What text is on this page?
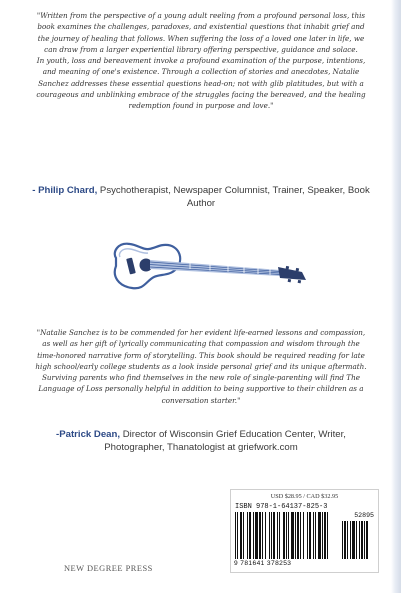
"Written from the perspective of a young adult reeling from a profound personal loss, this book examines the challenges, paradoxes, and existential questions that inhabit grief and the journey of healing that follows. When suffering the loss of a loved one later in life, we can draw from a larger experiential library offering perspective, guidance and solace.

In youth, loss and bereavement invoke a profound examination of the purpose, intentions, and meaning of one's existence. Through a collection of stories and anecdotes, Natalie Sanchez addresses these essential questions head-on; not with glib platitudes, but with a courageous and unblinking embrace of the struggles facing the bereaved, and the healing redemption found in purpose and love."

- Philip Chard, Psychotherapist, Newspaper Columnist, Trainer, Speaker, Book Author

"Natalie Sanchez is to be commended for her evident life-earned lessons and compassion, as well as her gift of lyrically communicating that compassion and wisdom through the time-honored narrative form of storytelling. This book should be required reading for late high school/early college students as a look inside personal grief and its unique aftermath. Surviving parents who find themselves in the new role of single-parenting will find The Language of Loss personally helpful in addition to being supportive to their children as a conversation starter."

-Patrick Dean, Director of Wisconsin Grief Education Center, Writer, Photographer, Thanatologist at griefwork.com
USD $28.95 / CAD $32.95
ISBN 978-1-64137-825-3
52895
9 781641 378253
NEW DEGREE PRESS
